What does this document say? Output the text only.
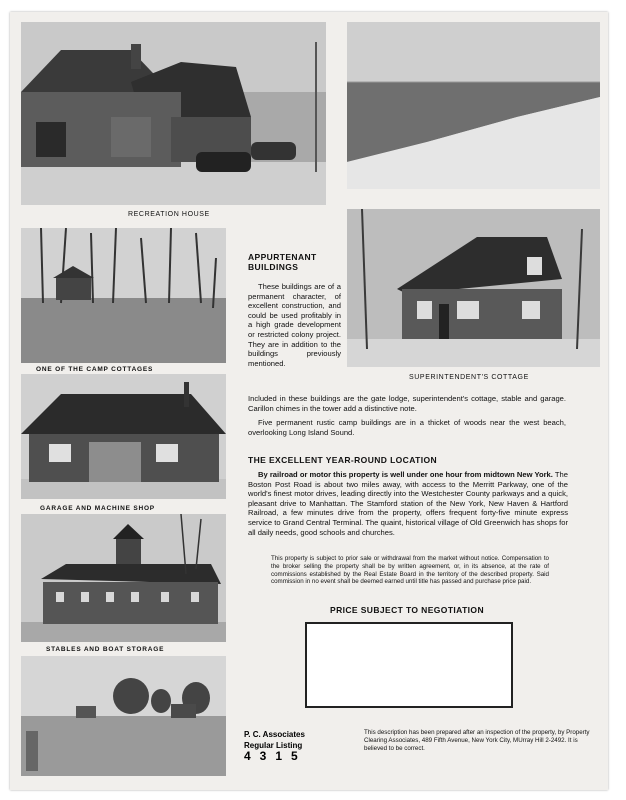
RECREATION HOUSE
ONE OF THE CAMP COTTAGES
SUPERINTENDENT'S COTTAGE
GARAGE AND MACHINE SHOP
STABLES AND BOAT STORAGE
APPURTENANT
BUILDINGS

These buildings are of a permanent character, of excellent construction, and could be used profitably in a high grade development or restricted colony project. They are in addition to the buildings previously mentioned.

Included in these buildings are the gate lodge, superintendent's cottage, stable and garage. Carillon chimes in the tower add a distinctive note.

Five permanent rustic camp buildings are in a thicket of woods near the west beach, overlooking Long Island Sound.

THE EXCELLENT YEAR-ROUND LOCATION

By railroad or motor this property is well under one hour from midtown New York. The Boston Post Road is about two miles away, with access to the Merritt Parkway, one of the world's finest motor drives, leading directly into the Westchester County parkways and a quick, pleasant drive to Manhattan. The Stamford station of the New York, New Haven & Hartford Railroad, a few minutes drive from the property, offers frequent forty-five minute express service to Grand Central Terminal. The quaint, historical village of Old Greenwich has shops for all daily needs, good schools and churches.

This property is subject to prior sale or withdrawal from the market without notice. Compensation to the broker selling the property shall be by written agreement, or, in its absence, at the rate of commissions established by the Real Estate Board in the territory of the described property. Said commission in no event shall be deemed earned until title has passed and purchase price paid.

PRICE SUBJECT TO NEGOTIATION
P. C. Associates
Regular Listing
4315

This description has been prepared after an inspection of the property, by Property Clearing Associates, 489 Fifth Avenue, New York City, MUrray Hill 2-2492. It is believed to be correct.
